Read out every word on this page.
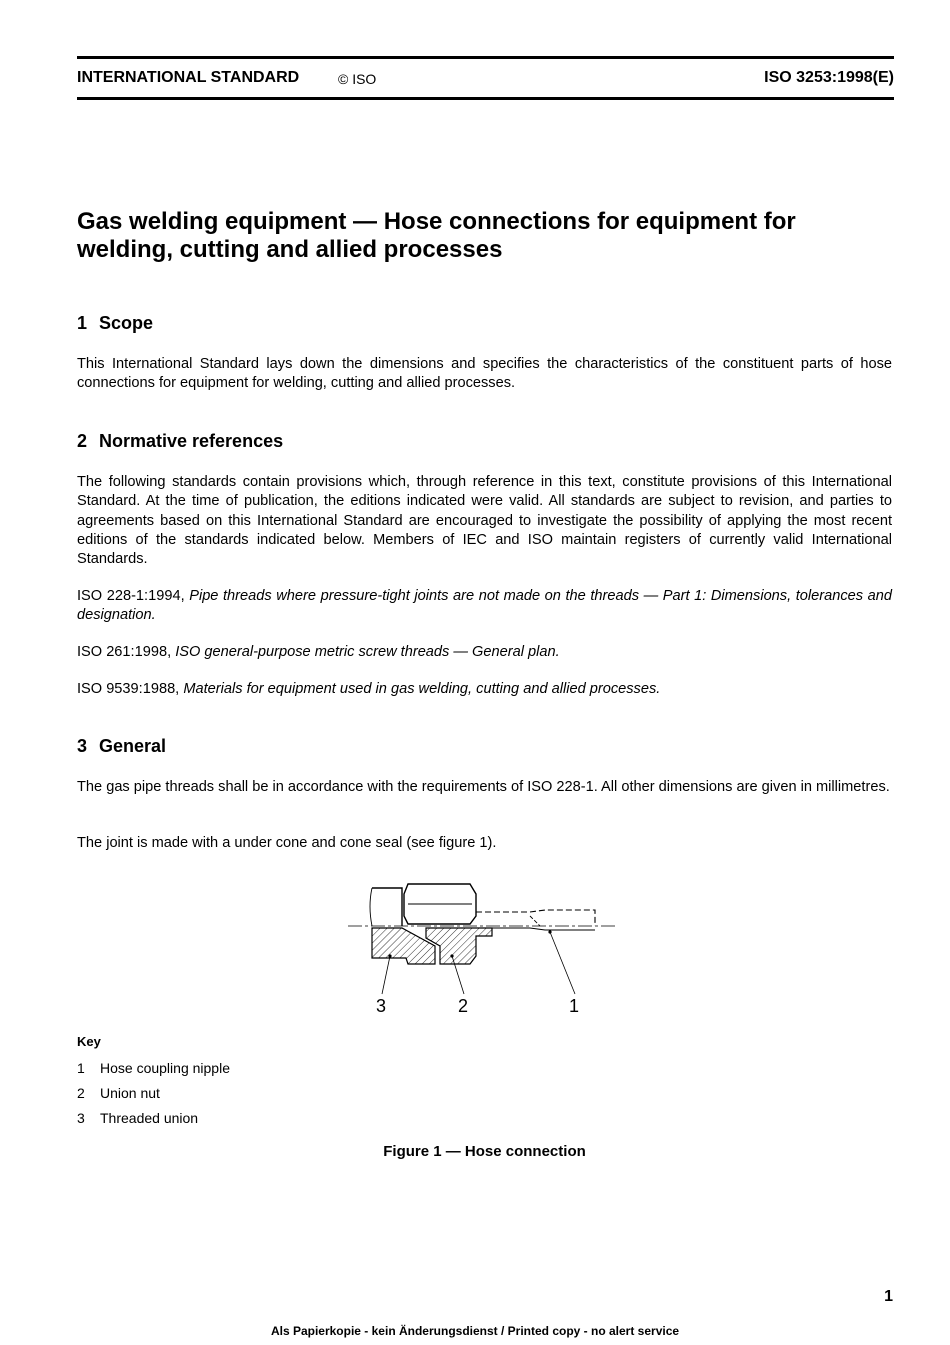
INTERNATIONAL STANDARD	© ISO	ISO 3253:1998(E)
Gas welding equipment — Hose connections for equipment for welding, cutting and allied processes
1 Scope

This International Standard lays down the dimensions and specifies the characteristics of the constituent parts of hose connections for equipment for welding, cutting and allied processes.

2 Normative references

The following standards contain provisions which, through reference in this text, constitute provisions of this International Standard. At the time of publication, the editions indicated were valid. All standards are subject to revision, and parties to agreements based on this International Standard are encouraged to investigate the possibility of applying the most recent editions of the standards indicated below. Members of IEC and ISO maintain registers of currently valid International Standards.

ISO 228-1:1994, Pipe threads where pressure-tight joints are not made on the threads — Part 1: Dimensions, tolerances and designation.

ISO 261:1998, ISO general-purpose metric screw threads — General plan.

ISO 9539:1988, Materials for equipment used in gas welding, cutting and allied processes.

3 General

The gas pipe threads shall be in accordance with the requirements of ISO 228-1. All other dimensions are given in millimetres.

The joint is made with a under cone and cone seal (see figure 1).

3	2	1
Key
1 Hose coupling nipple
2 Union nut
3 Threaded union
Figure 1 — Hose connection
1
Als Papierkopie - kein Änderungsdienst / Printed copy - no alert service
